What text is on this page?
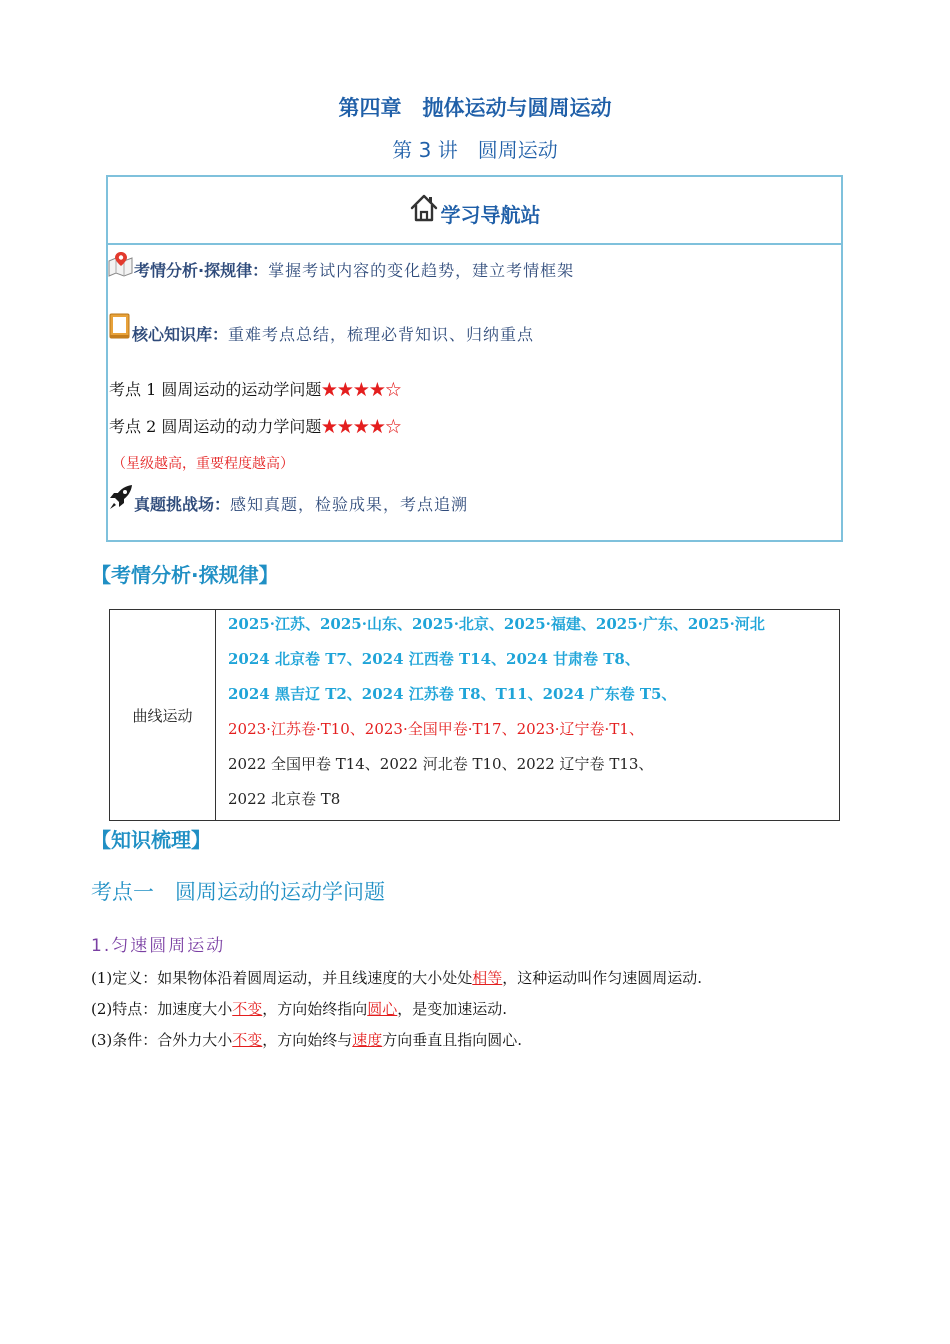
第四章　抛体运动与圆周运动
第 3 讲　圆周运动
学习导航站
考情分析·探规律： 掌握考试内容的变化趋势，建立考情框架
核心知识库： 重难考点总结，梳理必背知识、归纳重点
考点 1 圆周运动的运动学问题★★★★☆
考点 2 圆周运动的动力学问题★★★★☆
（星级越高，重要程度越高）
真题挑战场： 感知真题，检验成果，考点追溯
【考情分析·探规律】
曲线运动	
2025·江苏、2025·山东、2025·北京、2025·福建、2025·广东、2025·河北
2024 北京卷 T7、2024 江西卷 T14、2024 甘肃卷 T8、
2024 黑吉辽 T2、2024 江苏卷 T8、T11、2024 广东卷 T5、
2023·江苏卷·T10、2023·全国甲卷·T17、2023·辽宁卷·T1、
2022 全国甲卷 T14、2022 河北卷 T10、2022 辽宁卷 T13、
2022 北京卷 T8
【知识梳理】
考点一　圆周运动的运动学问题
1.匀速圆周运动
(1)定义：如果物体沿着圆周运动，并且线速度的大小处处相等，这种运动叫作匀速圆周运动.
(2)特点：加速度大小不变，方向始终指向圆心，是变加速运动.
(3)条件：合外力大小不变，方向始终与速度方向垂直且指向圆心.
